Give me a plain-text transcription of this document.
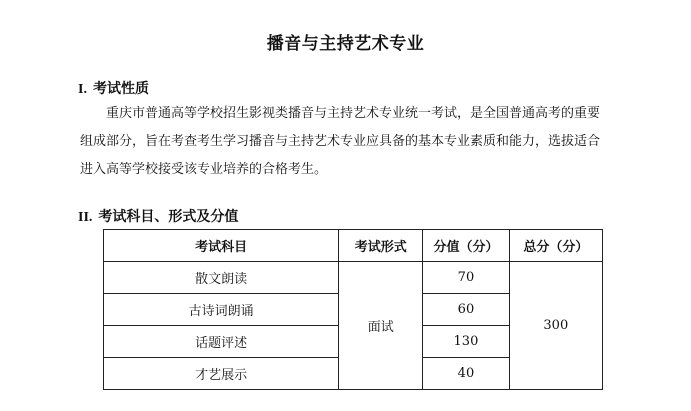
播音与主持艺术专业
I. 考试性质
重庆市普通高等学校招生影视类播音与主持艺术专业统一考试，是全国普通高考的重要
组成部分，旨在考查考生学习播音与主持艺术专业应具备的基本专业素质和能力，选拔适合
进入高等学校接受该专业培养的合格考生。
II. 考试科目、形式及分值
考试科目	考试形式	分值（分）	总分（分）
散文朗读	面试	70	300
古诗词朗诵		60	
话题评述		130	
才艺展示		40	
